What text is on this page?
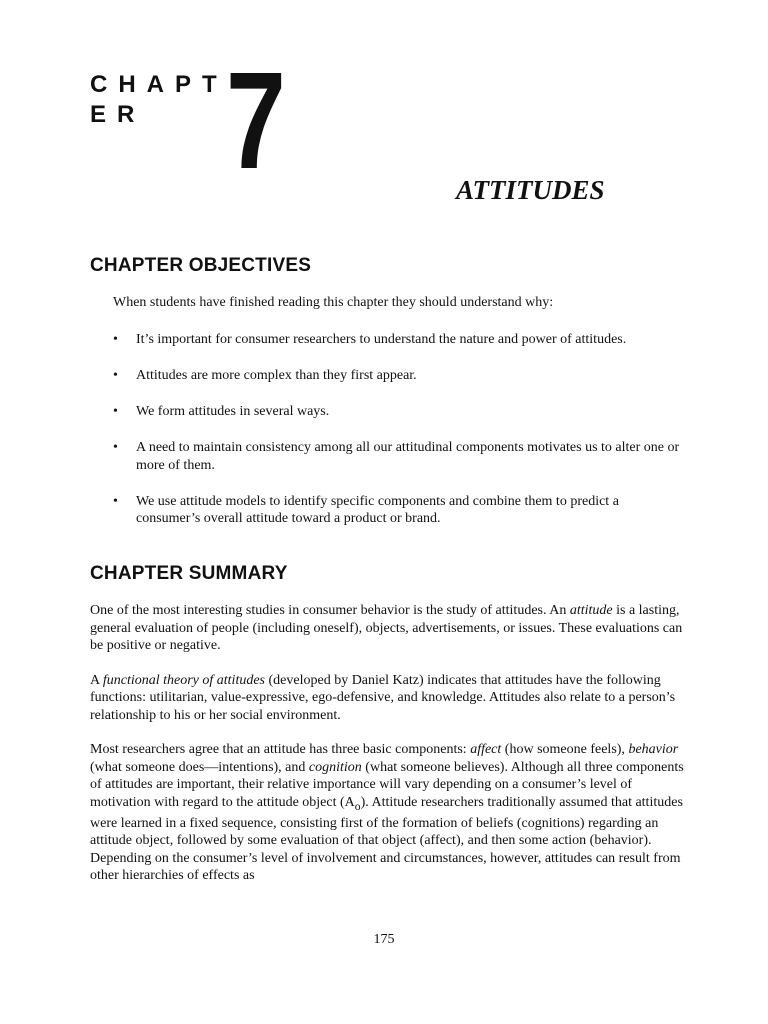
CHAPTER 7	ATTITUDES
CHAPTER OBJECTIVES

When students have finished reading this chapter they should understand why:

• It’s important for consumer researchers to understand the nature and power of attitudes.
• Attitudes are more complex than they first appear.
• We form attitudes in several ways.
• A need to maintain consistency among all our attitudinal components motivates us to alter one or more of them.
• We use attitude models to identify specific components and combine them to predict a consumer’s overall attitude toward a product or brand.
CHAPTER SUMMARY

One of the most interesting studies in consumer behavior is the study of attitudes. An attitude is a lasting, general evaluation of people (including oneself), objects, advertisements, or issues. These evaluations can be positive or negative.

A functional theory of attitudes (developed by Daniel Katz) indicates that attitudes have the following functions: utilitarian, value-expressive, ego-defensive, and knowledge. Attitudes also relate to a person’s relationship to his or her social environment.

Most researchers agree that an attitude has three basic components: affect (how someone feels), behavior (what someone does—intentions), and cognition (what someone believes). Although all three components of attitudes are important, their relative importance will vary depending on a consumer’s level of motivation with regard to the attitude object $(A_o)$. Attitude researchers traditionally assumed that attitudes were learned in a fixed sequence, consisting first of the formation of beliefs (cognitions) regarding an attitude object, followed by some evaluation of that object (affect), and then some action (behavior). Depending on the consumer’s level of involvement and circumstances, however, attitudes can result from other hierarchies of effects as

175
